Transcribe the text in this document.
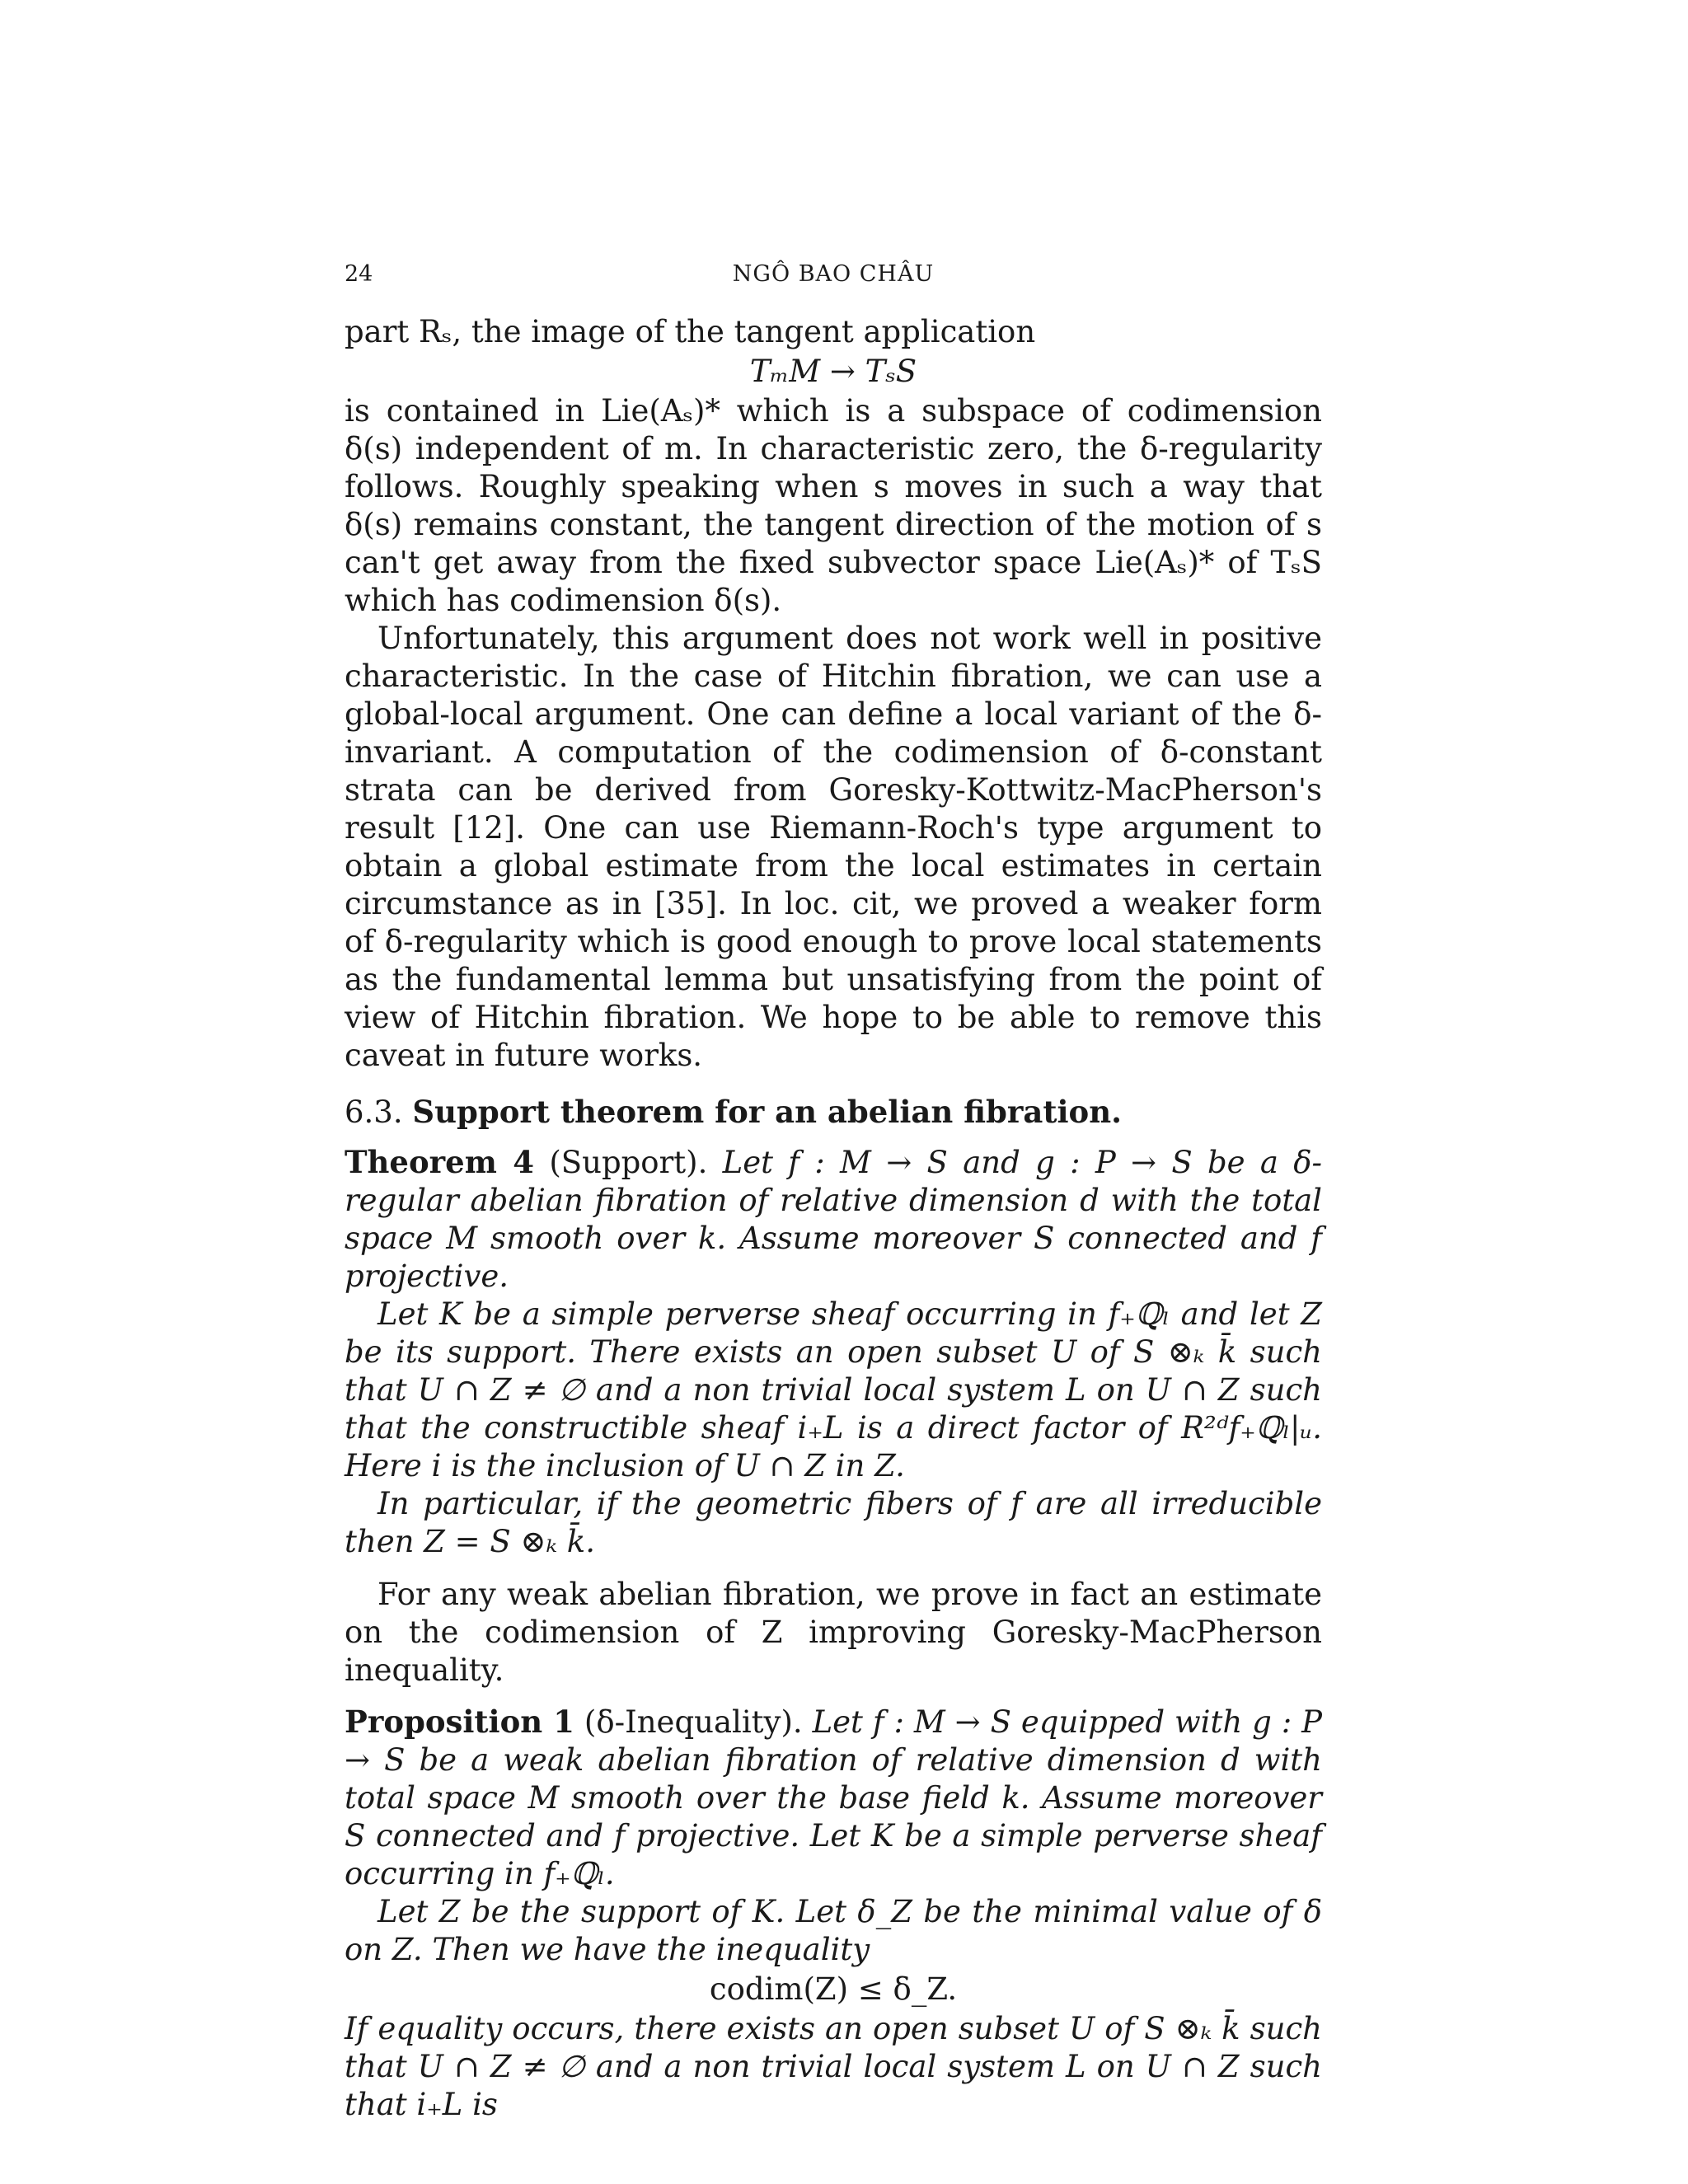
24	NGÔ BAO CHÂU

part Rₛ, the image of the tangent application

TₘM → TₛS

is contained in Lie(Aₛ)* which is a subspace of codimension δ(s) independent of m. In characteristic zero, the δ-regularity follows. Roughly speaking when s moves in such a way that δ(s) remains constant, the tangent direction of the motion of s can't get away from the fixed subvector space Lie(Aₛ)* of TₛS which has codimension δ(s).

Unfortunately, this argument does not work well in positive characteristic. In the case of Hitchin fibration, we can use a global-local argument. One can define a local variant of the δ-invariant. A computation of the codimension of δ-constant strata can be derived from Goresky-Kottwitz-MacPherson's result [12]. One can use Riemann-Roch's type argument to obtain a global estimate from the local estimates in certain circumstance as in [35]. In loc. cit, we proved a weaker form of δ-regularity which is good enough to prove local statements as the fundamental lemma but unsatisfying from the point of view of Hitchin fibration. We hope to be able to remove this caveat in future works.

6.3. Support theorem for an abelian fibration.

Theorem 4 (Support). Let f : M → S and g : P → S be a δ-regular abelian fibration of relative dimension d with the total space M smooth over k. Assume moreover S connected and f projective.

Let K be a simple perverse sheaf occurring in f₊ℚₗ and let Z be its support. There exists an open subset U of S ⊗ₖ k̄ such that U ∩ Z ≠ ∅ and a non trivial local system L on U ∩ Z such that the constructible sheaf i₊L is a direct factor of R²ᵈf₊ℚₗ|ᵤ. Here i is the inclusion of U ∩ Z in Z.

In particular, if the geometric fibers of f are all irreducible then Z = S ⊗ₖ k̄.

For any weak abelian fibration, we prove in fact an estimate on the codimension of Z improving Goresky-MacPherson inequality.

Proposition 1 (δ-Inequality). Let f : M → S equipped with g : P → S be a weak abelian fibration of relative dimension d with total space M smooth over the base field k. Assume moreover S connected and f projective. Let K be a simple perverse sheaf occurring in f₊ℚₗ.

Let Z be the support of K. Let δ_Z be the minimal value of δ on Z. Then we have the inequality

codim(Z) ≤ δ_Z.

If equality occurs, there exists an open subset U of S ⊗ₖ k̄ such that U ∩ Z ≠ ∅ and a non trivial local system L on U ∩ Z such that i₊L is
